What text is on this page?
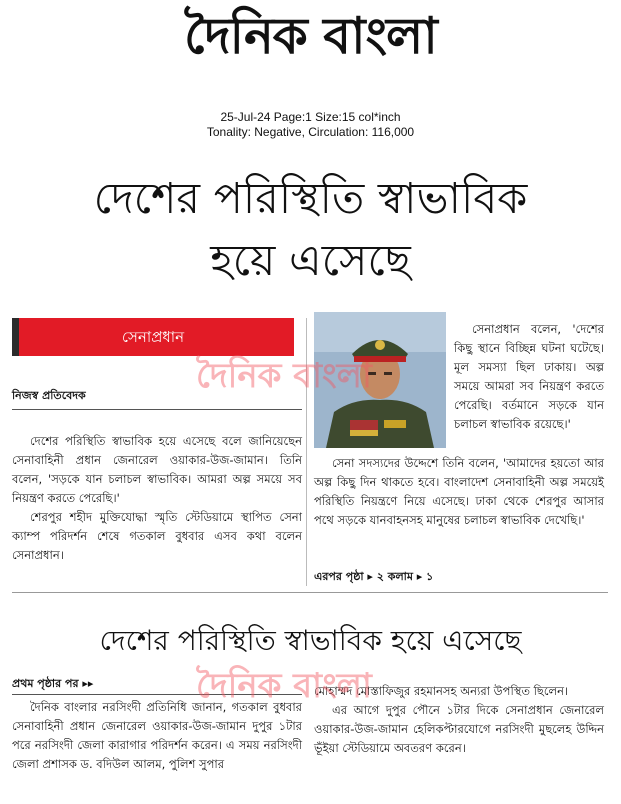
দৈনিক বাংলা
25-Jul-24 Page:1 Size:15 col*inch
Tonality: Negative, Circulation: 116,000
দেশের পরিস্থিতি স্বাভাবিক
হয়ে এসেছে
সেনাপ্রধান
নিজস্ব প্রতিবেদক

দেশের পরিস্থিতি স্বাভাবিক হয়ে এসেছে বলে জানিয়েছেন সেনাবাহিনী প্রধান জেনারেল ওয়াকার-উজ-জামান। তিনি বলেন, 'সড়কে যান চলাচল স্বাভাবিক। আমরা অল্প সময়ে সব নিয়ন্ত্রণ করতে পেরেছি।'

শেরপুর শহীদ মুক্তিযোদ্ধা স্মৃতি স্টেডিয়ামে স্থাপিত সেনা ক্যাম্প পরিদর্শন শেষে গতকাল বুধবার এসব কথা বলেন সেনাপ্রধান।

সেনাপ্রধান বলেন, 'দেশের কিছু স্থানে বিচ্ছিন্ন ঘটনা ঘটেছে। মূল সমস্যা ছিল ঢাকায়। অল্প সময়ে আমরা সব নিয়ন্ত্রণ করতে পেরেছি। বর্তমানে সড়কে যান চলাচল স্বাভাবিক রয়েছে।'

সেনা সদস্যদের উদ্দেশে তিনি বলেন, 'আমাদের হয়তো আর অল্প কিছু দিন থাকতে হবে। বাংলাদেশ সেনাবাহিনী অল্প সময়েই পরিস্থিতি নিয়ন্ত্রণে নিয়ে এসেছে। ঢাকা থেকে শেরপুর আসার পথে সড়কে যানবাহনসহ মানুষের চলাচল স্বাভাবিক দেখেছি।'

এরপর পৃষ্ঠা ▸ ২ কলাম ▸ ১
দেশের পরিস্থিতি স্বাভাবিক হয়ে এসেছে
প্রথম পৃষ্ঠার পর ▸▸

দৈনিক বাংলার নরসিংদী প্রতিনিধি জানান, গতকাল বুধবার সেনাবাহিনী প্রধান জেনারেল ওয়াকার-উজ-জামান দুপুর ১টার পরে নরসিংদী জেলা কারাগার পরিদর্শন করেন। এ সময় নরসিংদী জেলা প্রশাসক ড. বদিউল আলম, পুলিশ সুপার

মোহাম্মদ মোস্তাফিজুর রহমানসহ অন্যরা উপস্থিত ছিলেন।

এর আগে দুপুর পৌনে ১টার দিকে সেনাপ্রধান জেনারেল ওয়াকার-উজ-জামান হেলিকপ্টারযোগে নরসিংদী মুছলেহ উদ্দিন ভূঁইয়া স্টেডিয়ামে অবতরণ করেন।

দৈনিক বাংলা
দৈনিক বাংলা
